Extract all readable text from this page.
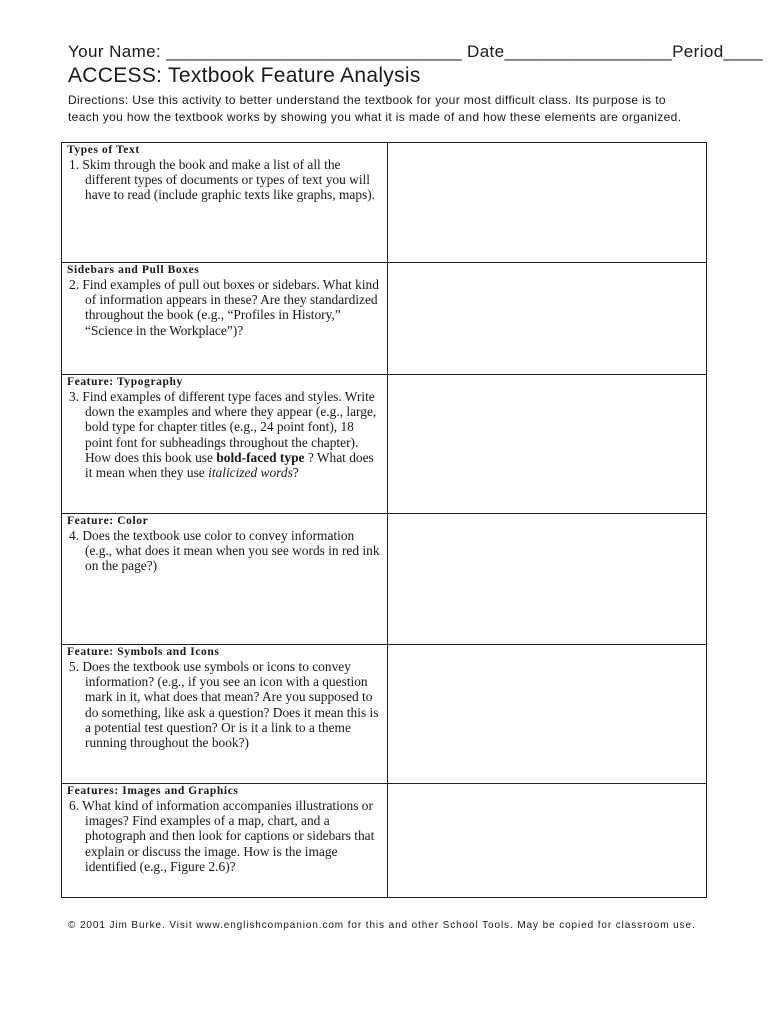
Your Name: ______________________________ Date_________________Period____
ACCESS: Textbook Feature Analysis
Directions: Use this activity to better understand the textbook for your most difficult class. Its purpose is to teach you how the textbook works by showing you what it is made of and how these elements are organized.
Types of Text
1. Skim through the book and make a list of all the different types of documents or types of text you will have to read (include graphic texts like graphs, maps).
Sidebars and Pull Boxes
2. Find examples of pull out boxes or sidebars. What kind of information appears in these? Are they standardized throughout the book (e.g., “Profiles in History,” “Science in the Workplace”)?
Feature: Typography
3. Find examples of different type faces and styles. Write down the examples and where they appear (e.g., large, bold type for chapter titles (e.g., 24 point font), 18 point font for subheadings throughout the chapter). How does this book use bold-faced type ? What does it mean when they use italicized words?
Feature: Color
4. Does the textbook use color to convey information (e.g., what does it mean when you see words in red ink on the page?)
Feature: Symbols and Icons
5. Does the textbook use symbols or icons to convey information? (e.g., if you see an icon with a question mark in it, what does that mean? Are you supposed to do something, like ask a question? Does it mean this is a potential test question? Or is it a link to a theme running throughout the book?)
Features: Images and Graphics
6. What kind of information accompanies illustrations or images? Find examples of a map, chart, and a photograph and then look for captions or sidebars that explain or discuss the image. How is the image identified (e.g., Figure 2.6)?
© 2001 Jim Burke. Visit www.englishcompanion.com for this and other School Tools. May be copied for classroom use.
